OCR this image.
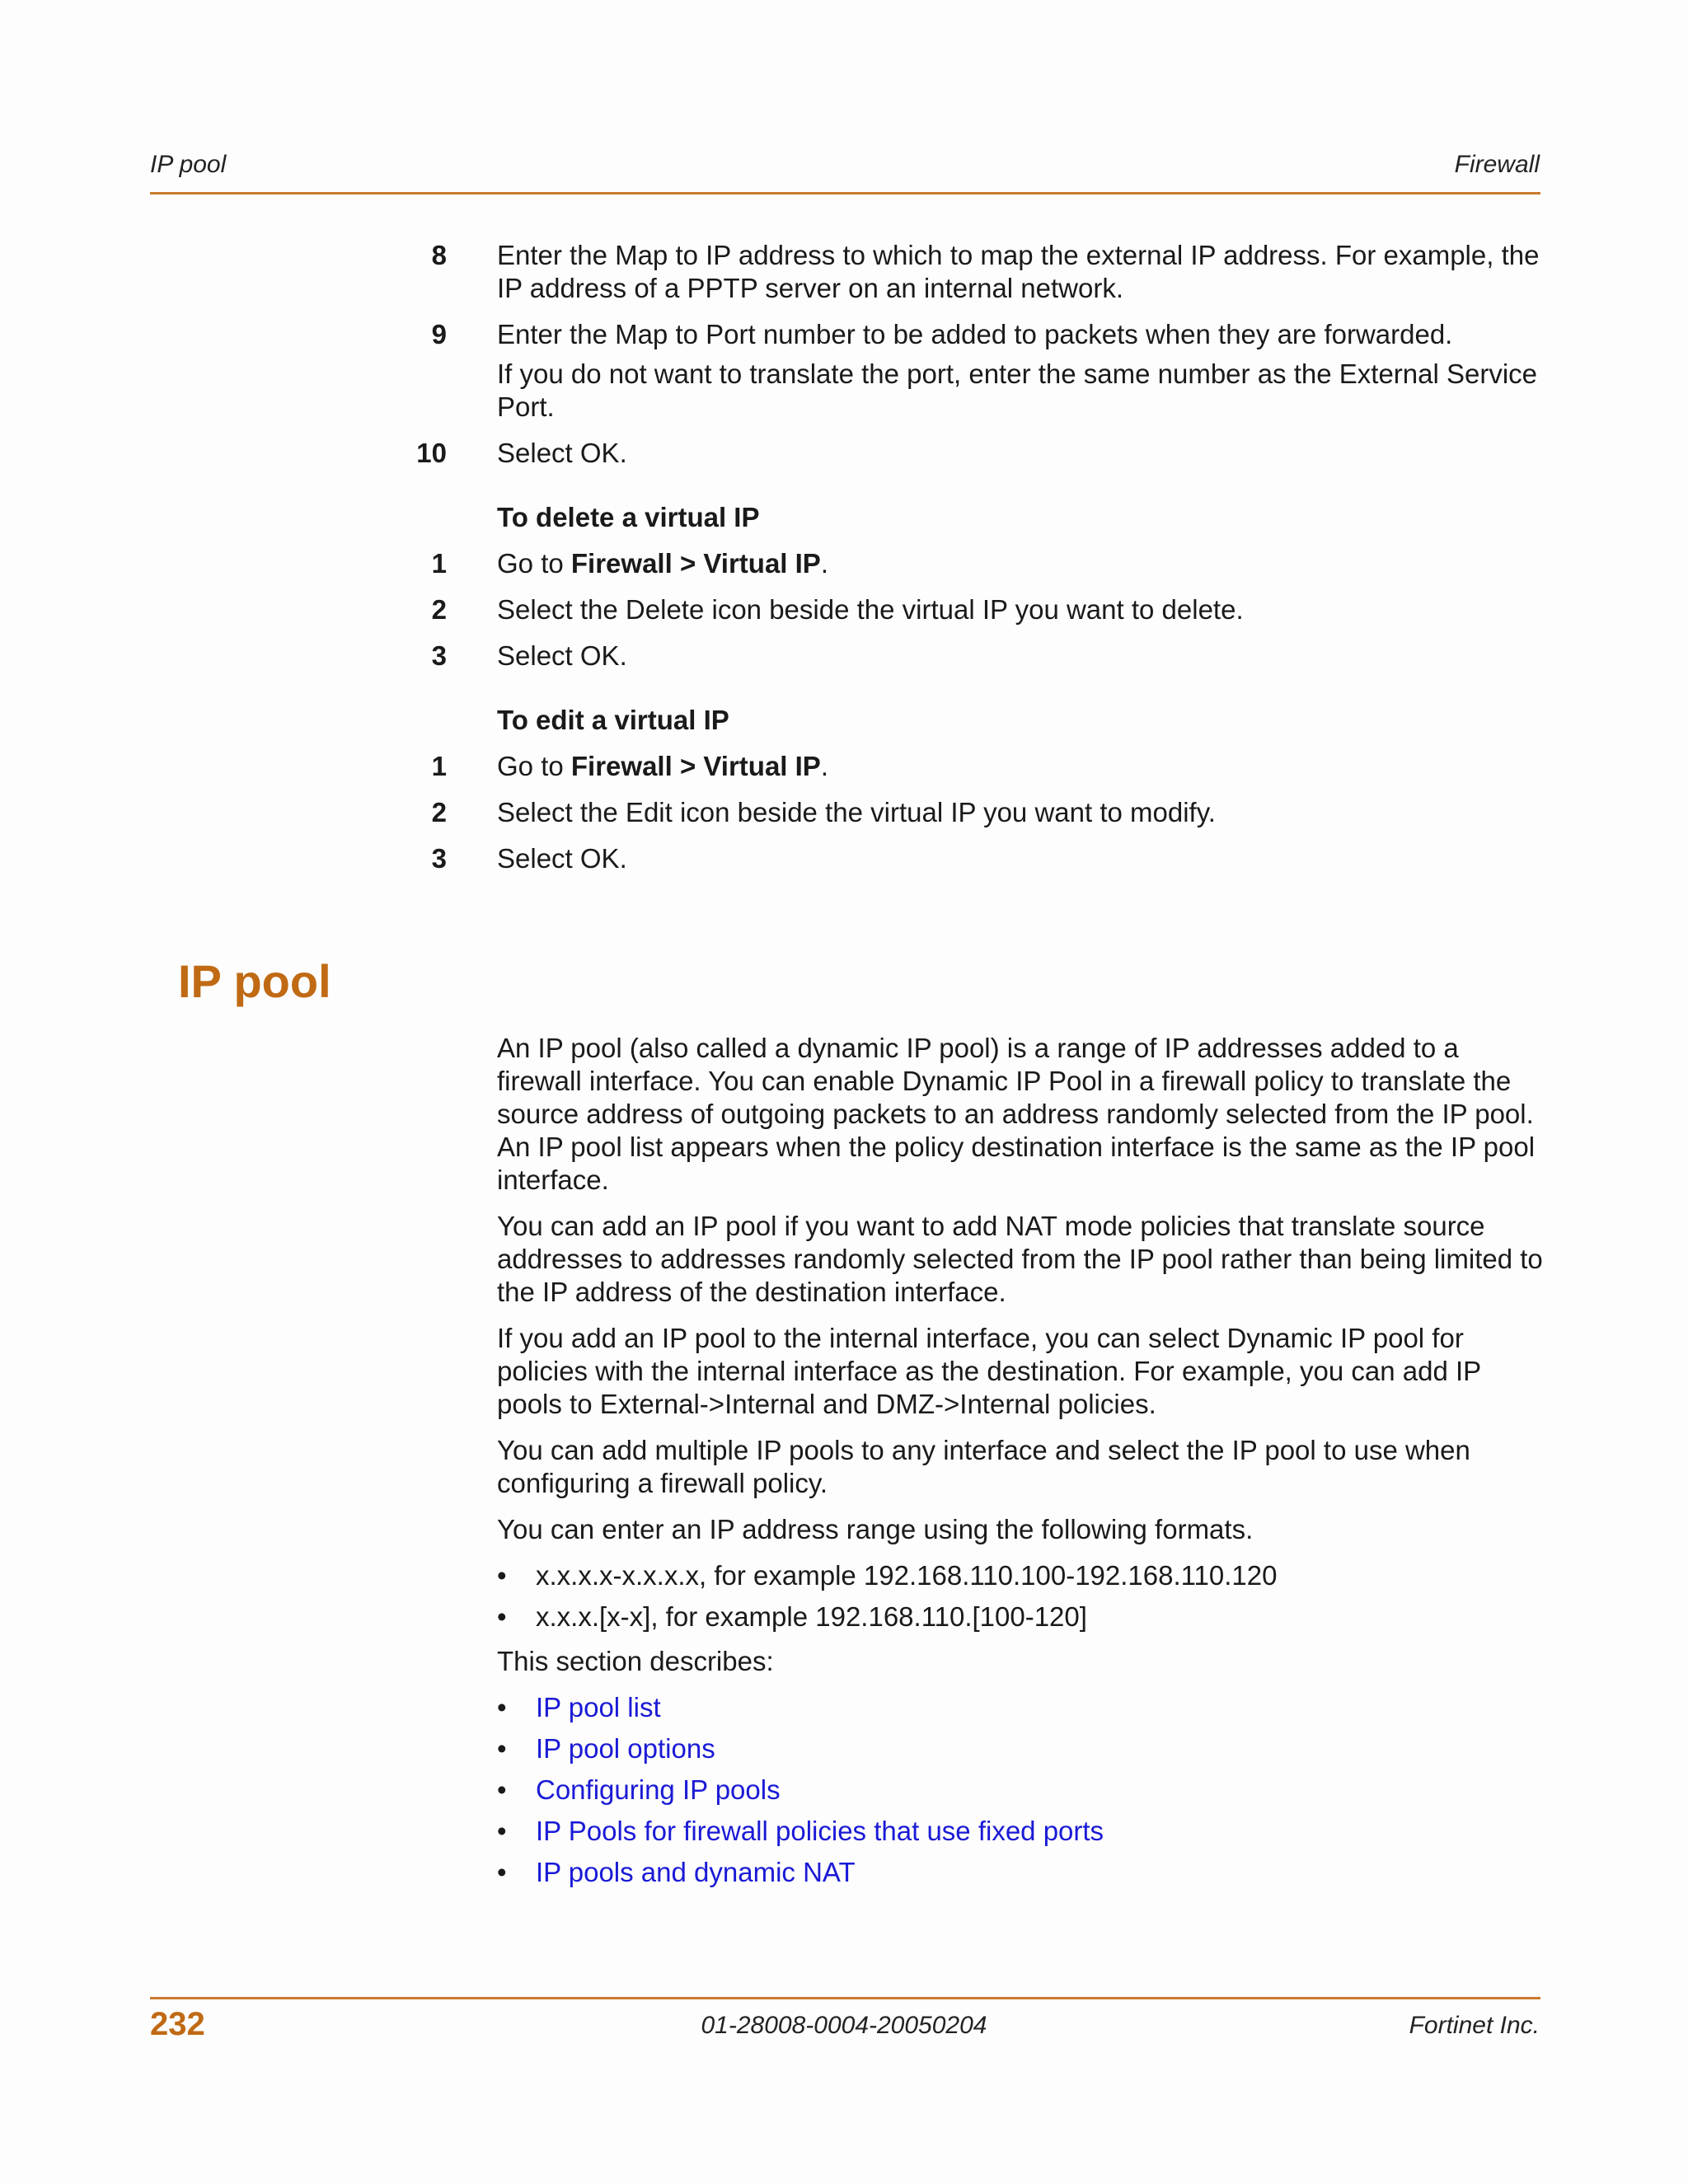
IP pool	Firewall
8 Enter the Map to IP address to which to map the external IP address. For example, the IP address of a PPTP server on an internal network.
9 Enter the Map to Port number to be added to packets when they are forwarded.
If you do not want to translate the port, enter the same number as the External Service Port.
10 Select OK.
To delete a virtual IP
1 Go to Firewall > Virtual IP.
2 Select the Delete icon beside the virtual IP you want to delete.
3 Select OK.
To edit a virtual IP
1 Go to Firewall > Virtual IP.
2 Select the Edit icon beside the virtual IP you want to modify.
3 Select OK.
IP pool

An IP pool (also called a dynamic IP pool) is a range of IP addresses added to a firewall interface. You can enable Dynamic IP Pool in a firewall policy to translate the source address of outgoing packets to an address randomly selected from the IP pool. An IP pool list appears when the policy destination interface is the same as the IP pool interface.

You can add an IP pool if you want to add NAT mode policies that translate source addresses to addresses randomly selected from the IP pool rather than being limited to the IP address of the destination interface.

If you add an IP pool to the internal interface, you can select Dynamic IP pool for policies with the internal interface as the destination. For example, you can add IP pools to External->Internal and DMZ->Internal policies.

You can add multiple IP pools to any interface and select the IP pool to use when configuring a firewall policy.

You can enter an IP address range using the following formats.

• x.x.x.x-x.x.x.x, for example 192.168.110.100-192.168.110.120
• x.x.x.[x-x], for example 192.168.110.[100-120]

This section describes:

• IP pool list
• IP pool options
• Configuring IP pools
• IP Pools for firewall policies that use fixed ports
• IP pools and dynamic NAT
232	01-28008-0004-20050204	Fortinet Inc.
